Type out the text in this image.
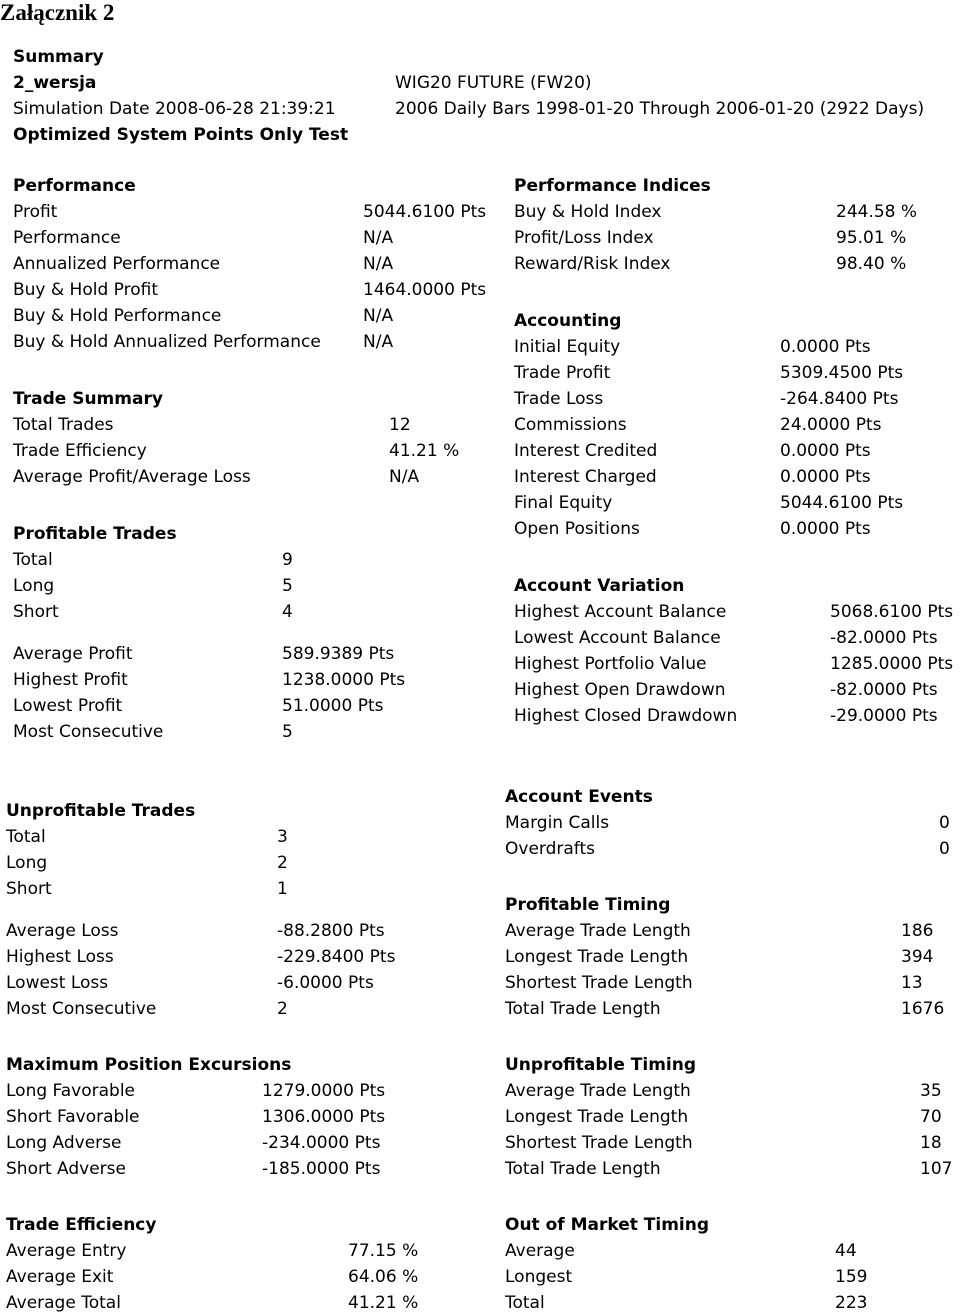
Załącznik 2
Summary
2_wersja	WIG20 FUTURE (FW20)
Simulation Date 2008-06-28 21:39:21	2006 Daily Bars 1998-01-20 Through 2006-01-20 (2922 Days)
Optimized System Points Only Test
Performance
Profit	5044.6100 Pts
Performance	N/A
Annualized Performance	N/A
Buy & Hold Profit	1464.0000 Pts
Buy & Hold Performance	N/A
Buy & Hold Annualized Performance N/A
Performance Indices
Buy & Hold Index	244.58 %
Profit/Loss Index	95.01 %
Reward/Risk Index	98.40 %
Accounting
Initial Equity	0.0000 Pts
Trade Profit	5309.4500 Pts
Trade Loss	-264.8400 Pts
Commissions	24.0000 Pts
Interest Credited	0.0000 Pts
Interest Charged	0.0000 Pts
Final Equity	5044.6100 Pts
Open Positions	0.0000 Pts
Trade Summary
Total Trades	12
Trade Efficiency	41.21 %
Average Profit/Average Loss	N/A
Profitable Trades
Total	9
Long	5
Short	4
Average Profit	589.9389 Pts
Highest Profit	1238.0000 Pts
Lowest Profit	51.0000 Pts
Most Consecutive	5
Account Variation
Highest Account Balance	5068.6100 Pts
Lowest Account Balance	-82.0000 Pts
Highest Portfolio Value	1285.0000 Pts
Highest Open Drawdown	-82.0000 Pts
Highest Closed Drawdown	-29.0000 Pts
Account Events
Margin Calls	0
Overdrafts	0
Unprofitable Trades
Total	3
Long	2
Short	1
Average Loss	-88.2800 Pts
Highest Loss	-229.8400 Pts
Lowest Loss	-6.0000 Pts
Most Consecutive	2
Profitable Timing
Average Trade Length	186
Longest Trade Length	394
Shortest Trade Length	13
Total Trade Length	1676
Maximum Position Excursions
Long Favorable	1279.0000 Pts
Short Favorable	1306.0000 Pts
Long Adverse	-234.0000 Pts
Short Adverse	-185.0000 Pts
Unprofitable Timing
Average Trade Length	35
Longest Trade Length	70
Shortest Trade Length	18
Total Trade Length	107
Trade Efficiency
Average Entry	77.15 %
Average Exit	64.06 %
Average Total	41.21 %
Out of Market Timing
Average	44
Longest	159
Total	223
